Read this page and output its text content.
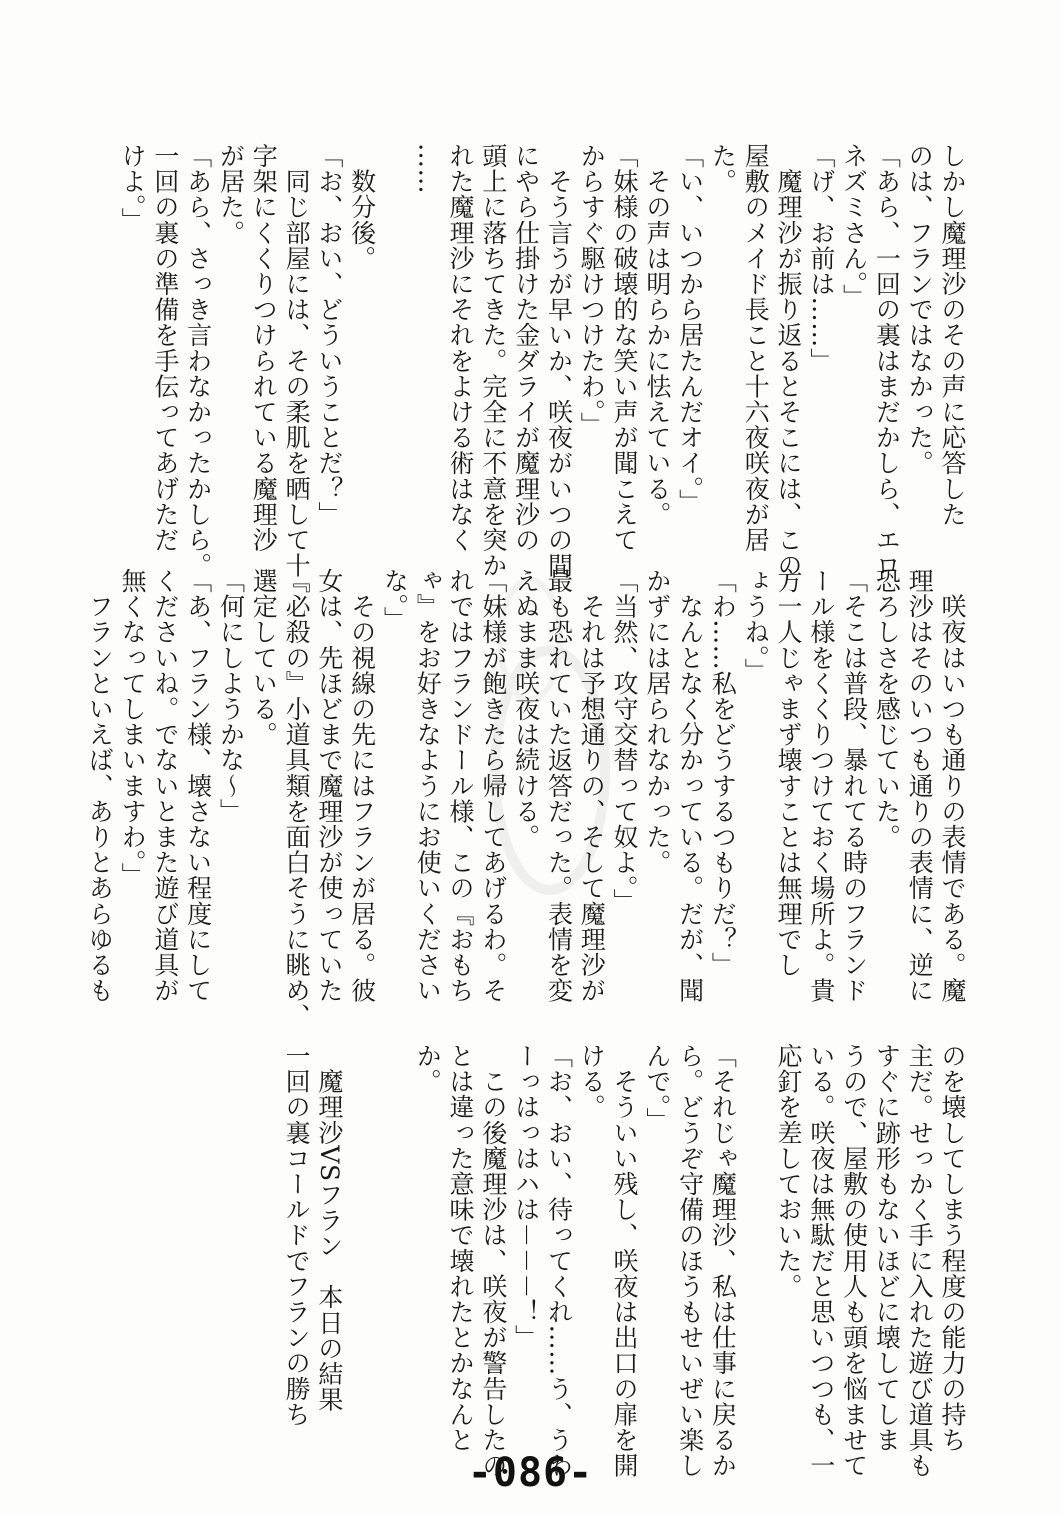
しかし魔理沙のその声に応答した
のは、フランではなかった。
「あら、一回の裏はまだかしら、エロ
ネズミさん。」
「げ、お前は……」
　魔理沙が振り返るとそこには、この
屋敷のメイド長こと十六夜咲夜が居
た。
「い、いつから居たんだオイ。」
　その声は明らかに怯えている。
「妹様の破壊的な笑い声が聞こえて
からすぐ駆けつけたわ。」
　そう言うが早いか、咲夜がいつの間
にやら仕掛けた金ダライが魔理沙の
頭上に落ちてきた。完全に不意を突か
れた魔理沙にそれをよける術はなく
……

　数分後。
「お、おい、どういうことだ？」
　同じ部屋には、その柔肌を晒して十
字架にくくりつけられている魔理沙
が居た。
「あら、さっき言わなかったかしら。
一回の裏の準備を手伝ってあげただ
けよ。」
　咲夜はいつも通りの表情である。魔
理沙はそのいつも通りの表情に、逆に
恐ろしさを感じていた。
「そこは普段、暴れてる時のフランド
ール様をくくりつけておく場所よ。貴
方一人じゃまず壊すことは無理でし
ょうね。」
「わ……私をどうするつもりだ？」
　なんとなく分かっている。だが、聞
かずには居られなかった。
「当然、攻守交替って奴よ。」
　それは予想通りの、そして魔理沙が
最も恐れていた返答だった。表情を変
えぬまま咲夜は続ける。
「妹様が飽きたら帰してあげるわ。そ
れではフランドール様、この『おもち
ゃ』をお好きなようにお使いください
な。」
　その視線の先にはフランが居る。彼
女は、先ほどまで魔理沙が使っていた
『必殺の』小道具類を面白そうに眺め、
選定している。
「何にしようかな～」
「あ、フラン様、壊さない程度にして
くださいね。でないとまた遊び道具が
無くなってしまいますわ。」
　フランといえば、ありとあらゆるも
のを壊してしまう程度の能力の持ち
主だ。せっかく手に入れた遊び道具も
すぐに跡形もないほどに壊してしま
うので、屋敷の使用人も頭を悩ませて
いる。咲夜は無駄だと思いつつも、一
応釘を差しておいた。

「それじゃ魔理沙、私は仕事に戻るか
ら。どうぞ守備のほうもせいぜい楽し
んで。」
　そういい残し、咲夜は出口の扉を開
ける。
「お、おい、待ってくれ……う、うわ
ーっはっはハは－－－！」
　この後魔理沙は、咲夜が警告したの
とは違った意味で壊れたとかなんと
か。

　魔理沙VSフラン　本日の結果
一回の裏コールドでフランの勝ち
-086-
